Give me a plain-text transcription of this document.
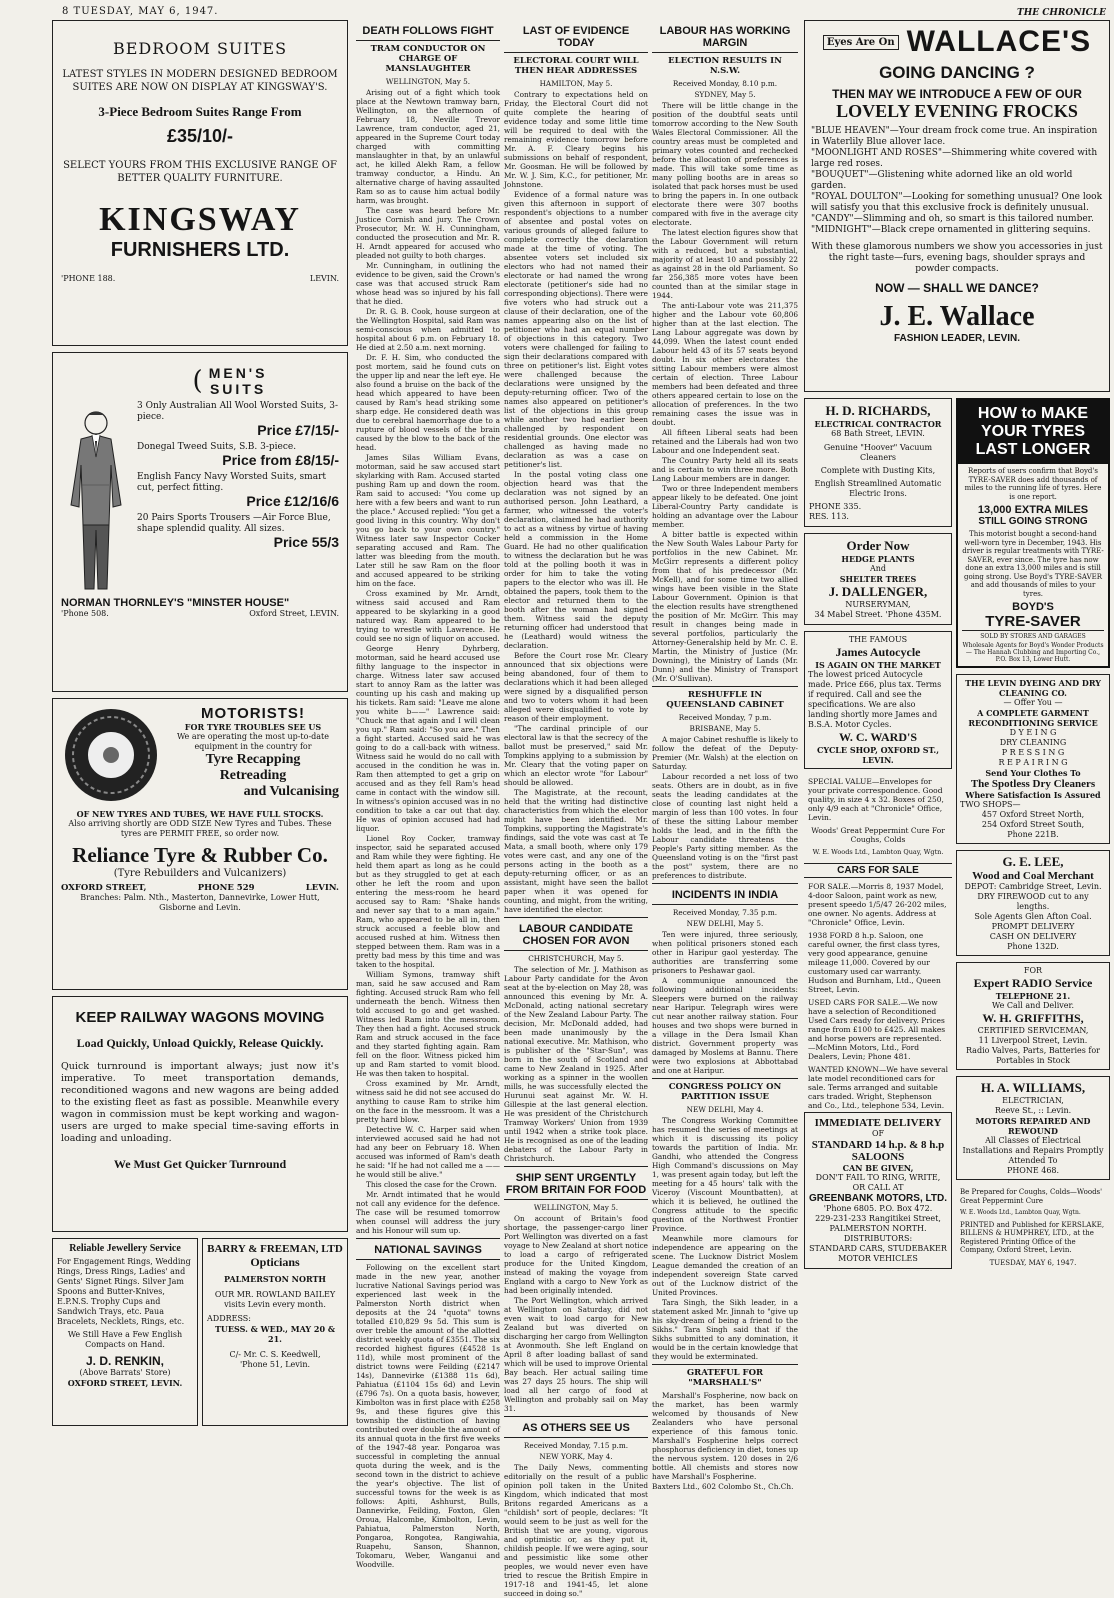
8 TUESDAY, MAY 6, 1947.	THE CHRONICLE
BEDROOM SUITES
LATEST STYLES IN MODERN DESIGNED BEDROOM SUITES ARE NOW ON DISPLAY AT KINGSWAY'S.
3-Piece Bedroom Suites Range From
£35/10/-
SELECT YOURS FROM THIS EXCLUSIVE RANGE OF BETTER QUALITY FURNITURE.
KINGSWAY
FURNISHERS LTD.
'PHONE 188.	LEVIN.
( MEN'S
SUITS
3 Only Australian All Wool Worsted Suits, 3-piece.
Price £7/15/-
Donegal Tweed Suits, S.B. 3-piece.
Price from £8/15/-
English Fancy Navy Worsted Suits, smart cut, perfect fitting.
Price £12/16/6
20 Pairs Sports Trousers —Air Force Blue, shape splendid quality. All sizes.
Price 55/3
NORMAN THORNLEY'S "MINSTER HOUSE"
'Phone 508.	Oxford Street, LEVIN.
MOTORISTS!
FOR TYRE TROUBLES SEE US
We are operating the most up-to-date equipment in the country for
Tyre Recapping
Retreading
and Vulcanising
OF NEW TYRES AND TUBES, WE HAVE FULL STOCKS.
Also arriving shortly are ODD SIZE New Tyres and Tubes. These tyres are PERMIT FREE, so order now.
Reliance Tyre & Rubber Co.
(Tyre Rebuilders and Vulcanizers)
OXFORD STREET,	PHONE 529	LEVIN.
Branches: Palm. Nth., Masterton, Dannevirke, Lower Hutt, Gisborne and Levin.
KEEP RAILWAY WAGONS MOVING
Load Quickly, Unload Quickly, Release Quickly.
Quick turnround is important always; just now it's imperative. To meet transportation demands, reconditioned wagons and new wagons are being added to the existing fleet as fast as possible. Meanwhile every wagon in commission must be kept working and wagon-users are urged to make special time-saving efforts in loading and unloading.
We Must Get Quicker Turnround
Reliable Jewellery Service
For Engagement Rings, Wedding Rings, Dress Rings, Ladies' and Gents' Signet Rings. Silver Jam Spoons and Butter-Knives, E.P.N.S. Trophy Cups and Sandwich Trays, etc. Paua Bracelets, Necklets, Rings, etc.
We Still Have a Few English Compacts on Hand.
J. D. RENKIN,
(Above Barrats' Store)
OXFORD STREET, LEVIN.
BARRY & FREEMAN, LTD
Opticians
PALMERSTON NORTH
OUR MR. ROWLAND BAILEY visits Levin every month.
ADDRESS:
TUESS. & WED., MAY 20 & 21.
C/- Mr. C. S. Keedwell,
'Phone 51, Levin.
DEATH FOLLOWS FIGHT
TRAM CONDUCTOR ON CHARGE OF MANSLAUGHTER
WELLINGTON, May 5.
Arising out of a fight which took place at the Newtown tramway barn, Wellington, on the afternoon of February 18, Neville Trevor Lawrence, tram conductor, aged 21, appeared in the Supreme Court today charged with committing manslaughter in that, by an unlawful act, he killed Alekh Ram, a fellow tramway conductor, a Hindu. An alternative charge of having assaulted Ram so as to cause him actual bodily harm, was brought.
The case was heard before Mr. Justice Cornish and jury. The Crown Prosecutor, Mr. W. H. Cunningham, conducted the prosecution and Mr. R. H. Arndt appeared for accused who pleaded not guilty to both charges.
Mr. Cunningham, in outlining the evidence to be given, said the Crown's case was that accused struck Ram whose head was so injured by his fall that he died.
Dr. R. G. B. Cook, house surgeon at the Wellington Hospital, said Ram was semi-conscious when admitted to hospital about 6 p.m. on February 18. He died at 2.50 a.m. next morning.
Dr. F. H. Sim, who conducted the post mortem, said he found cuts on the upper lip and near the left eye. He also found a bruise on the back of the head which appeared to have been caused by Ram's head striking some sharp edge. He considered death was due to cerebral haemorrhage due to a rupture of blood vessels of the brain caused by the blow to the back of the head.
James Silas William Evans, motorman, said he saw accused start skylarking with Ram. Accused started pushing Ram up and down the room. Ram said to accused: "You come up here with a few beers and want to run the place." Accused replied: "You get a good living in this country. Why don't you go back to your own country." Witness later saw Inspector Cocker separating accused and Ram. The latter was bleeding from the mouth. Later still he saw Ram on the floor and accused appeared to be striking him on the face.
Cross examined by Mr. Arndt, witness said accused and Ram appeared to be skylarking in a good natured way. Ram appeared to be trying to wrestle with Lawrence. He could see no sign of liquor on accused.
George Henry Dyhrberg, motorman, said he heard accused use filthy language to the inspector in charge. Witness later saw accused start to annoy Ram as the latter was counting up his cash and making up his tickets. Ram said: "Leave me alone you white b——" Lawrence said: "Chuck me that again and I will clean you up." Ram said: "So you are." Then a fight started. Accused said he was going to do a call-back with witness. Witness said he would do no call with accused in the condition he was in. Ram then attempted to get a grip on accused and as they fell Ram's head came in contact with the window sill. In witness's opinion accused was in no condition to take a car out that day. He was of opinion accused had had liquor.
Lionel Roy Cocker, tramway inspector, said he separated accused and Ram while they were fighting. He held them apart as long as he could but as they struggled to get at each other he left the room and upon entering the mess-room he heard accused say to Ram: "Shake hands and never say that to a man again." Ram, who appeared to be all in, then struck accused a feeble blow and accused rushed at him. Witness then stepped between them. Ram was in a pretty bad mess by this time and was taken to the hospital.
William Symons, tramway shift man, said he saw accused and Ram fighting. Accused struck Ram who fell underneath the bench. Witness then told accused to go and get washed. Witness led Ram into the messroom. They then had a fight. Accused struck Ram and struck accused in the face and they started fighting again. Ram fell on the floor. Witness picked him up and Ram started to vomit blood. He was then taken to hospital.
Cross examined by Mr. Arndt, witness said he did not see accused do anything to cause Ram to strike him on the face in the messroom. It was a pretty hard blow.
Detective W. C. Harper said when interviewed accused said he had not had any beer on February 18. When accused was informed of Ram's death he said: "If he had not called me a —— he would still be alive."
This closed the case for the Crown.
Mr. Arndt intimated that he would not call any evidence for the defence. The case will be resumed tomorrow when counsel will address the jury and his Honour will sum up.
NATIONAL SAVINGS
Following on the excellent start made in the new year, another lucrative National Savings period was experienced last week in the Palmerston North district when deposits at the 24 "quota" towns totalled £10,829 9s 5d. This sum is over treble the amount of the allotted district weekly quota of £3551. The six recorded highest figures (£4528 1s 11d), while most prominent of the district towns were Feilding (£2147 14s), Dannevirke (£1388 11s 6d), Pahiatua (£1104 15s 6d) and Levin (£796 7s). On a quota basis, however, Kimbolton was in first place with £258 9s, and these figures give this township the distinction of having contributed over double the amount of its annual quota in the first five weeks of the 1947-48 year. Pongaroa was successful in completing the annual quota during the week, and is the second town in the district to achieve the year's objective. The list of successful towns for the week is as follows: Apiti, Ashhurst, Bulls, Dannevirke, Feilding, Foxton, Glen Oroua, Halcombe, Kimbolton, Levin, Pahiatua, Palmerston North, Pongaroa, Rongotea, Rangiwahia, Ruapehu, Sanson, Shannon, Tokomaru, Weber, Wanganui and Woodville.
LAST OF EVIDENCE TODAY
ELECTORAL COURT WILL THEN HEAR ADDRESSES
HAMILTON, May 5.
Contrary to expectations held on Friday, the Electoral Court did not quite complete the hearing of evidence today and some little time will be required to deal with the remaining evidence tomorrow before Mr. A. F. Cleary begins his submissions on behalf of respondent, Mr. Goosman. He will be followed by Mr. W. J. Sim, K.C., for petitioner, Mr. Johnstone.
Evidence of a formal nature was given this afternoon in support of respondent's objections to a number of absentee and postal votes on various grounds of alleged failure to complete correctly the declaration made at the time of voting. The absentee voters set included six electors who had not named their electorate or had named the wrong electorate (petitioner's side had no corresponding objections). There were five voters who had struck out a clause of their declaration, one of the names appearing also on the list of petitioner who had an equal number of objections in this category. Two voters were challenged for failing to sign their declarations compared with three on petitioner's list. Eight votes were challenged because the declarations were unsigned by the deputy-returning officer. Two of the names also appeared on petitioner's list of the objections in this group while another two had earlier been challenged by respondent on residential grounds. One elector was challenged as having made no declaration as was a case on petitioner's list.
In the postal voting class one objection heard was that the declaration was not signed by an authorised person. John Leathard, a farmer, who witnessed the voter's declaration, claimed he had authority to act as a witness by virtue of having held a commission in the Home Guard. He had no other qualification to witness the declaration but he was told at the polling booth it was in order for him to take the voting papers to the elector who was ill. He obtained the papers, took them to the elector and returned them to the booth after the woman had signed them. Witness said the deputy returning officer had understood that he (Leathard) would witness the declaration.
Before the Court rose Mr. Cleary announced that six objections were being abandoned, four of them to declarations which it had been alleged were signed by a disqualified person and two to voters whom it had been alleged were disqualified to vote by reason of their employment.
"The cardinal principle of our electoral law is that the secrecy of the ballot must be preserved," said Mr. Tompkins applying to a submission by Mr. Cleary that the voting paper on which an elector wrote "for Labour" should be allowed.
The Magistrate, at the recount, held that the writing had distinctive characteristics from which the elector might have been identified. Mr. Tompkins, supporting the Magistrate's findings, said the vote was cast at Te Mata, a small booth, where only 179 votes were cast, and any one of the persons acting in the booth as a deputy-returning officer, or as an assistant, might have seen the ballot paper when it was opened for counting, and might, from the writing, have identified the elector.
LABOUR CANDIDATE CHOSEN FOR AVON
CHRISTCHURCH, May 5.
The selection of Mr. J. Mathison as Labour Party candidate for the Avon seat at the by-election on May 28, was announced this evening by Mr. A. McDonald, acting national secretary of the New Zealand Labour Party. The decision, Mr. McDonald added, had been made unanimously by the national executive. Mr. Mathison, who is publisher of the "Star-Sun", was born in the south of Scotland and came to New Zealand in 1925. After working as a spinner in the woollen mills, he was successfully elected the Hurunui seat against Mr. W. H. Gillespie at the last general election. He was president of the Christchurch Tramway Workers' Union from 1939 until 1942 when a strike took place. He is recognised as one of the leading debaters of the Labour Party in Christchurch.
SHIP SENT URGENTLY FROM BRITAIN FOR FOOD
WELLINGTON, May 5.
On account of Britain's food shortage, the passenger-cargo liner Port Wellington was diverted on a fast voyage to New Zealand at short notice to load a cargo of refrigerated produce for the United Kingdom, instead of making the voyage from England with a cargo to New York as had been originally intended.
The Port Wellington, which arrived at Wellington on Saturday, did not even wait to load cargo for New Zealand but was diverted on discharging her cargo from Wellington at Avonmouth. She left England on April 8 after loading ballast of sand which will be used to improve Oriental Bay beach. Her actual sailing time was 27 days 25 hours. The ship will load all her cargo of food at Wellington and probably sail on May 31.
AS OTHERS SEE US
Received Monday, 7.15 p.m.
NEW YORK, May 4.
The Daily News, commenting editorially on the result of a public opinion poll taken in the United Kingdom, which indicated that most Britons regarded Americans as a "childish" sort of people, declares: "It would seem to be just as well for the British that we are young, vigorous and optimistic or, as they put it, childish people. If we were aging, sour and pessimistic like some other peoples, we would never even have tried to rescue the British Empire in 1917-18 and 1941-45, let alone succeed in doing so."
LABOUR HAS WORKING MARGIN
ELECTION RESULTS IN N.S.W.
Received Monday, 8.10 p.m.
SYDNEY, May 5.
There will be little change in the position of the doubtful seats until tomorrow according to the New South Wales Electoral Commissioner. All the country areas must be completed and primary votes counted and rechecked before the allocation of preferences is made. This will take some time as many polling booths are in areas so isolated that pack horses must be used to bring the papers in. In one outback electorate there were 307 booths compared with five in the average city electorate.
The latest election figures show that the Labour Government will return with a reduced, but a substantial, majority of at least 10 and possibly 22 as against 28 in the old Parliament. So far 256,385 more votes have been counted than at the similar stage in 1944.
The anti-Labour vote was 211,375 higher and the Labour vote 60,806 higher than at the last election. The Lang Labour aggregate was down by 44,099. When the latest count ended Labour held 43 of its 57 seats beyond doubt. In six other electorates the sitting Labour members were almost certain of election. Three Labour members had been defeated and three others appeared certain to lose on the allocation of preferences. In the two remaining cases the issue was in doubt.
All fifteen Liberal seats had been retained and the Liberals had won two Labour and one Independent seat.
The Country Party held all its seats and is certain to win three more. Both Lang Labour members are in danger.
Two or three Independent members appear likely to be defeated. One joint Liberal-Country Party candidate is holding an advantage over the Labour member.
A bitter battle is expected within the New South Wales Labour Party for portfolios in the new Cabinet. Mr. McGirr represents a different policy from that of his predecessor (Mr. McKell), and for some time two allied wings have been visible in the State Labour Government. Opinion is that the election results have strengthened the position of Mr. McGirr. This may result in changes being made in several portfolios, particularly the Attorney-Generalship held by Mr. C. E. Martin, the Ministry of Justice (Mr. Downing), the Ministry of Lands (Mr. Dunn) and the Ministry of Transport (Mr. O'Sullivan).
RESHUFFLE IN QUEENSLAND CABINET
Received Monday, 7 p.m.
BRISBANE, May 5.
A major Cabinet reshuffle is likely to follow the defeat of the Deputy-Premier (Mr. Walsh) at the election on Saturday.
Labour recorded a net loss of two seats. Others are in doubt, as in five seats the leading candidates at the close of counting last night held a margin of less than 100 votes. In four of these the sitting Labour member holds the lead, and in the fifth the Labour candidate threatens the People's Party sitting member. As the Queensland voting is on the "first past the post" system, there are no preferences to distribute.
INCIDENTS IN INDIA
Received Monday, 7.35 p.m.
NEW DELHI, May 5.
Ten were injured, three seriously, when political prisoners stoned each other in Haripur gaol yesterday. The authorities are transferring some prisoners to Peshawar gaol.
A communique announced the following additional incidents: Sleepers were burned on the railway near Haripur. Telegraph wires were cut near another railway station. Four houses and two shops were burned in a village in the Dera Ismail Khan district. Government property was damaged by Moslems at Bannu. There were two explosions at Abbottabad and one at Haripur.
CONGRESS POLICY ON PARTITION ISSUE
NEW DELHI, May 4.
The Congress Working Committee has resumed the series of meetings at which it is discussing its policy towards the partition of India. Mr. Gandhi, who attended the Congress High Command's discussions on May 1, was present again today, but left the meeting for a 45 hours' talk with the Viceroy (Viscount Mountbatten), at which it is believed, he outlined the Congress attitude to the specific question of the Northwest Frontier Province.
Meanwhile more clamours for independence are appearing on the scene. The Lucknow District Moslem League demanded the creation of an independent sovereign State carved out of the Lucknow district of the United Provinces.
Tara Singh, the Sikh leader, in a statement asked Mr. Jinnah to "give up his sky-dream of being a friend to the Sikhs." Tara Singh said that if the Sikhs submitted to any domination, it would be in the certain knowledge that they would be exterminated.
GRATEFUL FOR "MARSHALL'S"
Marshall's Fospherine, now back on the market, has been warmly welcomed by thousands of New Zealanders who have personal experience of this famous tonic. Marshall's Fospherine helps correct phosphorus deficiency in diet, tones up the nervous system. 120 doses in 2/6 bottle. All chemists and stores now have Marshall's Fospherine.
Baxters Ltd., 602 Colombo St., Ch.Ch.
Eyes Are On WALLACE'S
GOING DANCING ?
THEN MAY WE INTRODUCE A FEW OF OUR
LOVELY EVENING FROCKS
"BLUE HEAVEN"—Your dream frock come true. An inspiration in Waterlily Blue allover lace.
"MOONLIGHT AND ROSES"—Shimmering white covered with large red roses.
"BOUQUET"—Glistening white adorned like an old world garden.
"ROYAL DOULTON"—Looking for something unusual? One look will satisfy you that this exclusive frock is definitely unusual.
"CANDY"—Slimming and oh, so smart is this tailored number.
"MIDNIGHT"—Black crepe ornamented in glittering sequins.
With these glamorous numbers we show you accessories in just the right taste—furs, evening bags, shoulder sprays and powder compacts.
NOW — SHALL WE DANCE?
J. E. Wallace
FASHION LEADER, LEVIN.
H. D. RICHARDS,
ELECTRICAL CONTRACTOR
68 Bath Street, LEVIN.
Genuine "Hoover" Vacuum Cleaners
Complete with Dusting Kits,
English Streamlined Automatic Electric Irons.
PHONE 335.
RES. 113.
Order Now
HEDGE PLANTS
And
SHELTER TREES
J. DALLENGER,
NURSERYMAN,
34 Mabel Street. 'Phone 435M.
THE FAMOUS
James Autocycle
IS AGAIN ON THE MARKET
The lowest priced Autocycle made. Price £66, plus tax. Terms if required. Call and see the specifications. We are also landing shortly more James and B.S.A. Motor Cycles.
W. C. WARD'S
CYCLE SHOP, OXFORD ST., LEVIN.
SPECIAL VALUE—Envelopes for your private correspondence. Good quality, in size 4 x 32. Boxes of 250, only 4/9 each at "Chronicle" Office, Levin.
Woods' Great Peppermint Cure For Coughs, Colds
W. E. Woods Ltd., Lambton Quay, Wgtn.
CARS FOR SALE
FOR SALE.—Morris 8, 1937 Model, 4-door Saloon, paint work as new, present speedo 1/5/47 26-202 miles, one owner. No agents. Address at "Chronicle" Office, Levin.
1938 FORD 8 h.p. Saloon, one careful owner, the first class tyres, very good appearance, genuine mileage 11,000. Covered by our customary used car warranty. Hudson and Burnham, Ltd., Queen Street, Levin.
USED CARS FOR SALE.—We now have a selection of Reconditioned Used Cars ready for delivery. Prices range from £100 to £425. All makes and horse powers are represented.—McMinn Motors, Ltd., Ford Dealers, Levin; Phone 481.
WANTED KNOWN—We have several late model reconditioned cars for sale. Terms arranged and suitable cars traded. Wright, Stephenson and Co., Ltd., telephone 534, Levin.
IMMEDIATE DELIVERY
OF
STANDARD 14 h.p. & 8 h.p SALOONS
CAN BE GIVEN,
DON'T FAIL TO RING, WRITE, OR CALL AT
GREENBANK MOTORS, LTD.
'Phone 6805. P.O. Box 472.
229-231-233 Rangitikei Street, PALMERSTON NORTH.
DISTRIBUTORS:
STANDARD CARS, STUDEBAKER MOTOR VEHICLES
HOW to MAKE
YOUR TYRES
LAST LONGER
Reports of users confirm that Boyd's TYRE-SAVER does add thousands of miles to the running life of tyres. Here is one report.
13,000 EXTRA MILES
STILL GOING STRONG
This motorist bought a second-hand well-worn tyre in December, 1943. His driver is regular treatments with TYRE-SAVER, ever since. The tyre has now done an extra 13,000 miles and is still going strong. Use Boyd's TYRE-SAVER and add thousands of miles to your tyres.
BOYD'S
TYRE-SAVER
SOLD BY STORES AND GARAGES
Wholesale Agents for Boyd's Wonder Products — The Hannah Clubbing and Importing Co., P.O. Box 13, Lower Hutt.
THE LEVIN DYEING AND DRY CLEANING CO.
— Offer You —
A COMPLETE GARMENT RECONDITIONING SERVICE
D Y E I N G
DRY CLEANING
P R E S S I N G
R E P A I R I N G
Send Your Clothes To
The Spotless Dry Cleaners
Where Satisfaction Is Assured
TWO SHOPS—
457 Oxford Street North,
254 Oxford Street South,
Phone 221B.
G. E. LEE,
Wood and Coal Merchant
DEPOT: Cambridge Street, Levin.
DRY FIREWOOD cut to any lengths.
Sole Agents Glen Afton Coal.
PROMPT DELIVERY
CASH ON DELIVERY
Phone 132D.
FOR
Expert RADIO Service
TELEPHONE 21.
We Call and Deliver.
W. H. GRIFFITHS,
CERTIFIED SERVICEMAN,
11 Liverpool Street, Levin.
Radio Valves, Parts, Batteries for Portables in Stock
H. A. WILLIAMS,
ELECTRICIAN,
Reeve St., :: Levin.
MOTORS REPAIRED AND REWOUND
All Classes of Electrical Installations and Repairs Promptly Attended To
PHONE 468.
Be Prepared for Coughs, Colds—Woods' Great Peppermint Cure
W. E. Woods Ltd., Lambton Quay, Wgtn.
PRINTED and Published for KERSLAKE, BILLENS & HUMPHREY, LTD., at the Registered Printing Office of the Company, Oxford Street, Levin.
TUESDAY, MAY 6, 1947.
